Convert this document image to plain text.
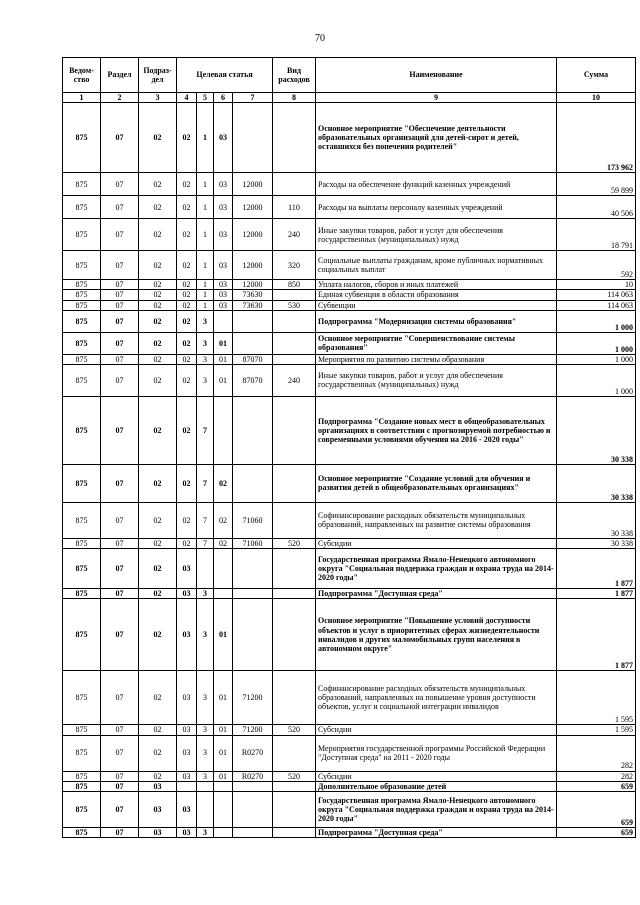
70
Ведом-ство	Раздел	Подраз-дел	Целевая статья				Вид расходов	Наименование	Сумма
1	2	3	4	5	6	7	8	9	10
875	07	02	02	1	03			Основное мероприятие "Обеспечение деятельности образовательных организаций для детей-сирот и детей, оставшихся без попечения родителей"	173 962
875	07	02	02	1	03	12000		Расходы на обеспечение функций казенных учреждений	59 899
875	07	02	02	1	03	12000	110	Расходы на выплаты персоналу казенных учреждений	40 506
875	07	02	02	1	03	12000	240	Иные закупки товаров, работ и услуг для обеспечения государственных (муниципальных) нужд	18 791
875	07	02	02	1	03	12000	320	Социальные выплаты гражданам, кроме публичных нормативных социальных выплат	592
875	07	02	02	1	03	12000	850	Уплата налогов, сборов и иных платежей	10
875	07	02	02	1	03	73630		Единая субвенция в области образования	114 063
875	07	02	02	1	03	73630	530	Субвенции	114 063
875	07	02	02	3				Подпрограмма "Модернизация системы образования"	1 000
875	07	02	02	3	01			Основное мероприятие "Совершенствование системы образования"	1 000
875	07	02	02	3	01	87070		Мероприятия по развитию системы образования	1 000
875	07	02	02	3	01	87070	240	Иные закупки товаров, работ и услуг для обеспечения государственных (муниципальных) нужд	1 000
875	07	02	02	7				Подпрограмма "Создание новых мест в общеобразовательных организациях в соответствии с прогнозируемой потребностью и современными условиями обучения на 2016 - 2020 годы"	30 338
875	07	02	02	7	02			Основное мероприятие "Создание условий для обучения и развития детей в общеобразовательных организациях"	30 338
875	07	02	02	7	02	71060		Софинансирование расходных обязательств муниципальных образований, направленных на развитие системы образования	30 338
875	07	02	02	7	02	71060	520	Субсидии	30 338
875	07	02	03					Государственная программа Ямало-Ненецкого автономного округа "Социальная поддержка граждан и охрана труда на 2014-2020 годы"	1 877
875	07	02	03	3				Подпрограмма "Доступная среда"	1 877
875	07	02	03	3	01			Основное мероприятие "Повышение условий доступности объектов и услуг в приоритетных сферах жизнедеятельности инвалидов и других маломобильных групп населения в автономном округе"	1 877
875	07	02	03	3	01	71200		Софинансирование расходных обязательств муниципальных образований, направленных на повышение уровня доступности объектов, услуг и социальной интеграции инвалидов	1 595
875	07	02	03	3	01	71200	520	Субсидии	1 595
875	07	02	03	3	01	R0270		Мероприятия государственной программы Российской Федерации "Доступная среда" на 2011 - 2020 годы	282
875	07	02	03	3	01	R0270	520	Субсидии	282
875	07	03						Дополнительное образование детей	659
875	07	03	03					Государственная программа Ямало-Ненецкого автономного округа "Социальная поддержка граждан и охрана труда на 2014-2020 годы"	659
875	07	03	03	3				Подпрограмма "Доступная среда"	659
